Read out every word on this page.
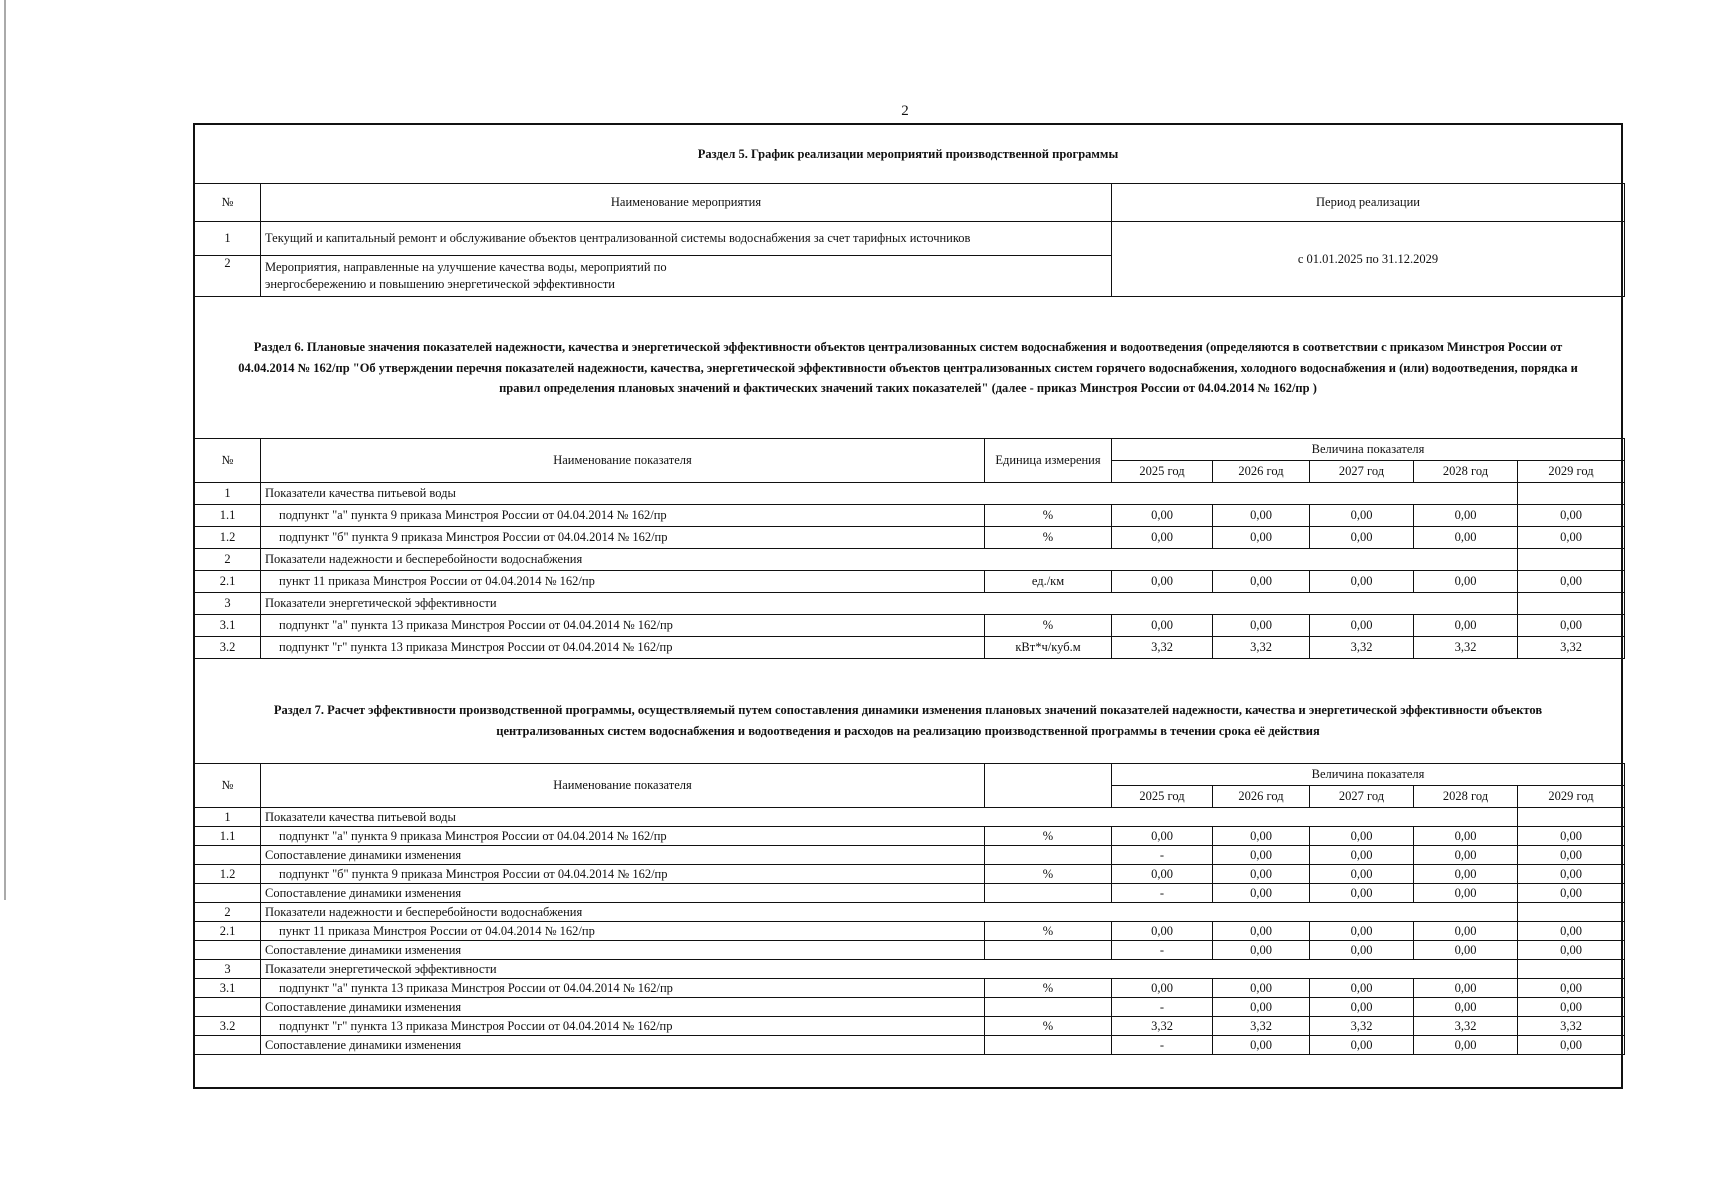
2
Раздел 5. График реализации мероприятий производственной программы
№	Наименование мероприятия	Период реализации
1	Текущий и капитальный ремонт и обслуживание объектов централизованной системы водоснабжения за счет тарифных источников	с 01.01.2025 по 31.12.2029
2	Мероприятия, направленные на улучшение качества воды, мероприятий по энергосбережению и повышению энергетической эффективности	
Раздел 6. Плановые значения показателей надежности, качества и энергетической эффективности объектов централизованных систем водоснабжения и водоотведения (определяются в соответствии с приказом Минстроя России от 04.04.2014 № 162/пр "Об утверждении перечня показателей надежности, качества, энергетической эффективности объектов централизованных систем горячего водоснабжения, холодного водоснабжения и (или) водоотведения, порядка и правил определения плановых значений и фактических значений таких показателей" (далее - приказ Минстроя России от 04.04.2014 № 162/пр )
№	Наименование показателя	Единица измерения	Величина показателя				
			2025 год	2026 год	2027 год	2028 год	2029 год
1	Показатели качества питьевой воды						
1.1	подпункт "а" пункта 9 приказа Минстроя России от 04.04.2014 № 162/пр	%	0,00	0,00	0,00	0,00	0,00
1.2	подпункт "б" пункта 9 приказа Минстроя России от 04.04.2014 № 162/пр	%	0,00	0,00	0,00	0,00	0,00
2	Показатели надежности и бесперебойности водоснабжения						
2.1	пункт 11 приказа Минстроя России от 04.04.2014 № 162/пр	ед./км	0,00	0,00	0,00	0,00	0,00
3	Показатели энергетической эффективности						
3.1	подпункт "а" пункта 13 приказа Минстроя России от 04.04.2014 № 162/пр	%	0,00	0,00	0,00	0,00	0,00
3.2	подпункт "г" пункта 13 приказа Минстроя России от 04.04.2014 № 162/пр	кВт*ч/куб.м	3,32	3,32	3,32	3,32	3,32
Раздел 7. Расчет эффективности производственной программы, осуществляемый путем сопоставления динамики изменения плановых значений показателей надежности, качества и энергетической эффективности объектов централизованных систем водоснабжения и водоотведения и расходов на реализацию производственной программы в течении срока её действия
№	Наименование показателя		Величина показателя				
			2025 год	2026 год	2027 год	2028 год	2029 год
1	Показатели качества питьевой воды						
1.1	подпункт "а" пункта 9 приказа Минстроя России от 04.04.2014 № 162/пр	%	0,00	0,00	0,00	0,00	0,00
	Сопоставление динамики изменения		-	0,00	0,00	0,00	0,00
1.2	подпункт "б" пункта 9 приказа Минстроя России от 04.04.2014 № 162/пр	%	0,00	0,00	0,00	0,00	0,00
	Сопоставление динамики изменения		-	0,00	0,00	0,00	0,00
2	Показатели надежности и бесперебойности водоснабжения						
2.1	пункт 11 приказа Минстроя России от 04.04.2014 № 162/пр	%	0,00	0,00	0,00	0,00	0,00
	Сопоставление динамики изменения		-	0,00	0,00	0,00	0,00
3	Показатели энергетической эффективности						
3.1	подпункт "а" пункта 13 приказа Минстроя России от 04.04.2014 № 162/пр	%	0,00	0,00	0,00	0,00	0,00
	Сопоставление динамики изменения		-	0,00	0,00	0,00	0,00
3.2	подпункт "г" пункта 13 приказа Минстроя России от 04.04.2014 № 162/пр	%	3,32	3,32	3,32	3,32	3,32
	Сопоставление динамики изменения		-	0,00	0,00	0,00	0,00
